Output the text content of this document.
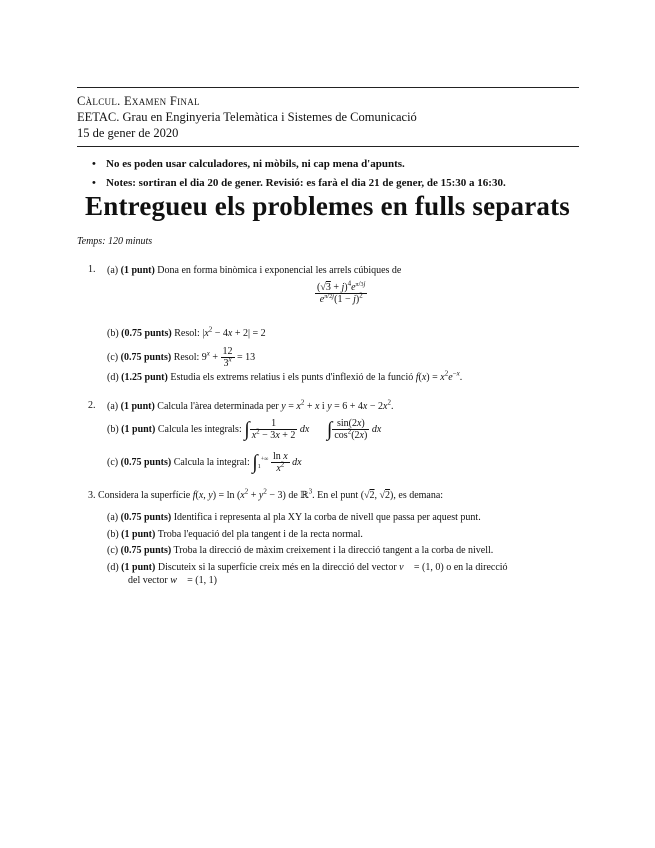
Càlcul. Examen Final
EETAC. Grau en Enginyeria Telemàtica i Sistemes de Comunicació
15 de gener de 2020
• No es poden usar calculadores, ni mòbils, ni cap mena d'apunts.
• Notes: sortiran el dia 20 de gener. Revisió: es farà el dia 21 de gener, de 15:30 a 16:30.
Entregueu els problemes en fulls separats
Temps: 120 minuts
1. (a) (1 punt) Dona en forma binòmica i exponencial les arrels cúbiques de
$\frac{(√3 + j)^4e^{\pi/3j}}{e^{\pi/2j}(1 - j)^2}$
(b) (0.75 punts) Resol: $|x^2 - 4x + 2| = 2$
(c) (0.75 punts) Resol: $9^x + \frac{12}{3^x} = 13$
(d) (1.25 punt) Estudia els extrems relatius i els punts d'inflexió de la funció $f(x) = x^2e^{-x}$.
2. (a) (1 punt) Calcula l'àrea determinada per $y = x^2 + x$ i $y = 6 + 4x - 2x^2$.
(b) (1 punt) Calcula les integrals: ∫ $\frac{1}{x^2 - 3x + 2}$ dx ∫ $\frac{\sin(2x)}{\cos^2(2x)}$ dx
(c) (0.75 punts) Calcula la integral: $\int_1^{+\infty} \frac{\text{ln x}}{x^2}$ dx
3. Considera la superfície f(x, $y) = \ln (x^2 + y^2 - 3)$ de ℝ$^3$. En el punt (√2, √2), es demana:
(a) (0.75 punts) Identifica i representa al pla XY la corba de nivell que passa per aquest punt.
(b) (1 punt) Troba l'equació del pla tangent i de la recta normal.
(c) (0.75 punts) Troba la direcció de màxim creixement i la direcció tangent a la corba de nivell.
(d) (1 punt) Discuteix si la superfície creix més en la direcció del vector v⃗ = (1, 0) o en la direcció
del vector w⃗ = (1, 1)
